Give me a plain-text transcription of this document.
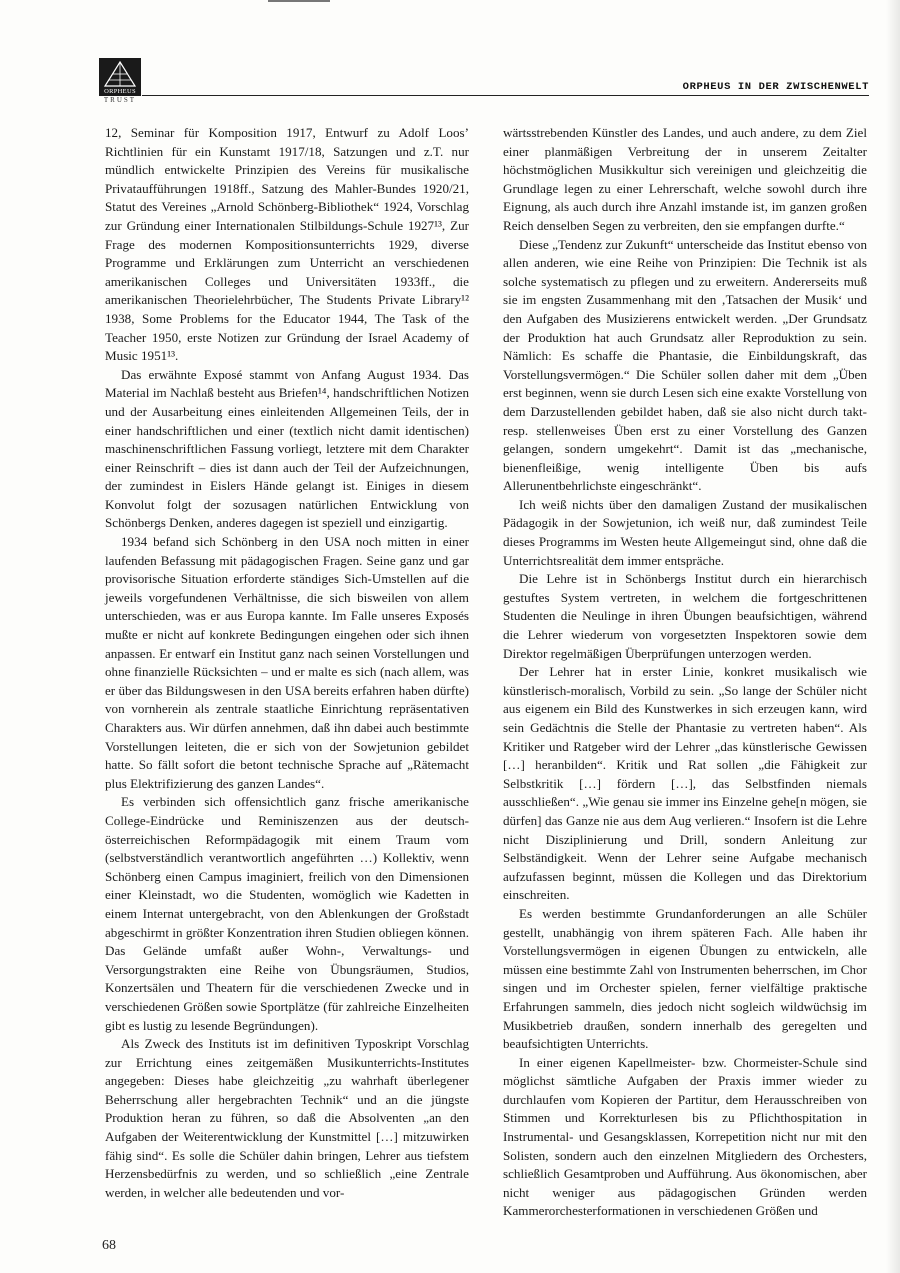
ORPHEUS
TRUST
ORPHEUS IN DER ZWISCHENWELT

12, Seminar für Komposition 1917, Entwurf zu Adolf Loos’ Richtlinien für ein Kunstamt 1917/18, Satzungen und z.T. nur mündlich entwickelte Prinzipien des Vereins für musikalische Privataufführungen 1918ff., Satzung des Mahler-Bundes 1920/21, Statut des Vereines „Arnold Schönberg-Bibliothek“ 1924, Vorschlag zur Gründung einer Internationalen Stilbildungs-Schule 1927¹³, Zur Frage des modernen Kompositionsunterrichts 1929, diverse Programme und Erklärungen zum Unterricht an verschiedenen amerikanischen Colleges und Universitäten 1933ff., die amerikanischen Theorielehrbücher, The Students Private Library¹² 1938, Some Problems for the Educator 1944, The Task of the Teacher 1950, erste Notizen zur Gründung der Israel Academy of Music 1951¹³.

Das erwähnte Exposé stammt von Anfang August 1934. Das Material im Nachlaß besteht aus Briefen¹⁴, handschriftlichen Notizen und der Ausarbeitung eines einleitenden Allgemeinen Teils, der in einer handschriftlichen und einer (textlich nicht damit identischen) maschinenschriftlichen Fassung vorliegt, letztere mit dem Charakter einer Reinschrift – dies ist dann auch der Teil der Aufzeichnungen, der zumindest in Eislers Hände gelangt ist. Einiges in diesem Konvolut folgt der sozusagen natürlichen Entwicklung von Schönbergs Denken, anderes dagegen ist speziell und einzigartig.

1934 befand sich Schönberg in den USA noch mitten in einer laufenden Befassung mit pädagogischen Fragen. Seine ganz und gar provisorische Situation erforderte ständiges Sich-Umstellen auf die jeweils vorgefundenen Verhältnisse, die sich bisweilen von allem unterschieden, was er aus Europa kannte. Im Falle unseres Exposés mußte er nicht auf konkrete Bedingungen eingehen oder sich ihnen anpassen. Er entwarf ein Institut ganz nach seinen Vorstellungen und ohne finanzielle Rücksichten – und er malte es sich (nach allem, was er über das Bildungswesen in den USA bereits erfahren haben dürfte) von vornherein als zentrale staatliche Einrichtung repräsentativen Charakters aus. Wir dürfen annehmen, daß ihn dabei auch bestimmte Vorstellungen leiteten, die er sich von der Sowjetunion gebildet hatte. So fällt sofort die betont technische Sprache auf „Rätemacht plus Elektrifizierung des ganzen Landes“.

Es verbinden sich offensichtlich ganz frische amerikanische College-Eindrücke und Reminiszenzen aus der deutsch-österreichischen Reformpädagogik mit einem Traum vom (selbstverständlich verantwortlich angeführten …) Kollektiv, wenn Schönberg einen Campus imaginiert, freilich von den Dimensionen einer Kleinstadt, wo die Studenten, womöglich wie Kadetten in einem Internat untergebracht, von den Ablenkungen der Großstadt abgeschirmt in größter Konzentration ihren Studien obliegen können. Das Gelände umfaßt außer Wohn-, Verwaltungs- und Versorgungstrakten eine Reihe von Übungsräumen, Studios, Konzertsälen und Theatern für die verschiedenen Zwecke und in verschiedenen Größen sowie Sportplätze (für zahlreiche Einzelheiten gibt es lustig zu lesende Begründungen).

Als Zweck des Instituts ist im definitiven Typoskript Vorschlag zur Errichtung eines zeitgemäßen Musikunterrichts-Institutes angegeben: Dieses habe gleichzeitig „zu wahrhaft überlegener Beherrschung aller hergebrachten Technik“ und an die jüngste Produktion heran zu führen, so daß die Absolventen „an den Aufgaben der Weiterentwicklung der Kunstmittel […] mitzuwirken fähig sind“. Es solle die Schüler dahin bringen, Lehrer aus tiefstem Herzensbedürfnis zu werden, und so schließlich „eine Zentrale werden, in welcher alle bedeutenden und vor-

wärtsstrebenden Künstler des Landes, und auch andere, zu dem Ziel einer planmäßigen Verbreitung der in unserem Zeitalter höchstmöglichen Musikkultur sich vereinigen und gleichzeitig die Grundlage legen zu einer Lehrerschaft, welche sowohl durch ihre Eignung, als auch durch ihre Anzahl imstande ist, im ganzen großen Reich denselben Segen zu verbreiten, den sie empfangen durfte.“

Diese „Tendenz zur Zukunft“ unterscheide das Institut ebenso von allen anderen, wie eine Reihe von Prinzipien: Die Technik ist als solche systematisch zu pflegen und zu erweitern. Andererseits muß sie im engsten Zusammenhang mit den ‚Tatsachen der Musik‘ und den Aufgaben des Musizierens entwickelt werden. „Der Grundsatz der Produktion hat auch Grundsatz aller Reproduktion zu sein. Nämlich: Es schaffe die Phantasie, die Einbildungskraft, das Vorstellungsvermögen.“ Die Schüler sollen daher mit dem „Üben erst beginnen, wenn sie durch Lesen sich eine exakte Vorstellung von dem Darzustellenden gebildet haben, daß sie also nicht durch takt- resp. stellenweises Üben erst zu einer Vorstellung des Ganzen gelangen, sondern umgekehrt“. Damit ist das „mechanische, bienenfleißige, wenig intelligente Üben bis aufs Allerunentbehrlichste eingeschränkt“.

Ich weiß nichts über den damaligen Zustand der musikalischen Pädagogik in der Sowjetunion, ich weiß nur, daß zumindest Teile dieses Programms im Westen heute Allgemeingut sind, ohne daß die Unterrichtsrealität dem immer entspräche.

Die Lehre ist in Schönbergs Institut durch ein hierarchisch gestuftes System vertreten, in welchem die fortgeschrittenen Studenten die Neulinge in ihren Übungen beaufsichtigen, während die Lehrer wiederum von vorgesetzten Inspektoren sowie dem Direktor regelmäßigen Überprüfungen unterzogen werden.

Der Lehrer hat in erster Linie, konkret musikalisch wie künstlerisch-moralisch, Vorbild zu sein. „So lange der Schüler nicht aus eigenem ein Bild des Kunstwerkes in sich erzeugen kann, wird sein Gedächtnis die Stelle der Phantasie zu vertreten haben“. Als Kritiker und Ratgeber wird der Lehrer „das künstlerische Gewissen […] heranbilden“. Kritik und Rat sollen „die Fähigkeit zur Selbstkritik […] fördern […], das Selbstfinden niemals ausschließen“. „Wie genau sie immer ins Einzelne gehe[n mögen, sie dürfen] das Ganze nie aus dem Aug verlieren.“ Insofern ist die Lehre nicht Disziplinierung und Drill, sondern Anleitung zur Selbständigkeit. Wenn der Lehrer seine Aufgabe mechanisch aufzufassen beginnt, müssen die Kollegen und das Direktorium einschreiten.

Es werden bestimmte Grundanforderungen an alle Schüler gestellt, unabhängig von ihrem späteren Fach. Alle haben ihr Vorstellungsvermögen in eigenen Übungen zu entwickeln, alle müssen eine bestimmte Zahl von Instrumenten beherrschen, im Chor singen und im Orchester spielen, ferner vielfältige praktische Erfahrungen sammeln, dies jedoch nicht sogleich wildwüchsig im Musikbetrieb draußen, sondern innerhalb des geregelten und beaufsichtigten Unterrichts.

In einer eigenen Kapellmeister- bzw. Chormeister-Schule sind möglichst sämtliche Aufgaben der Praxis immer wieder zu durchlaufen vom Kopieren der Partitur, dem Herausschreiben von Stimmen und Korrekturlesen bis zu Pflichthospitation in Instrumental- und Gesangsklassen, Korrepetition nicht nur mit den Solisten, sondern auch den einzelnen Mitgliedern des Orchesters, schließlich Gesamtproben und Aufführung. Aus ökonomischen, aber nicht weniger aus pädagogischen Gründen werden Kammerorchesterformationen in verschiedenen Größen und

68
